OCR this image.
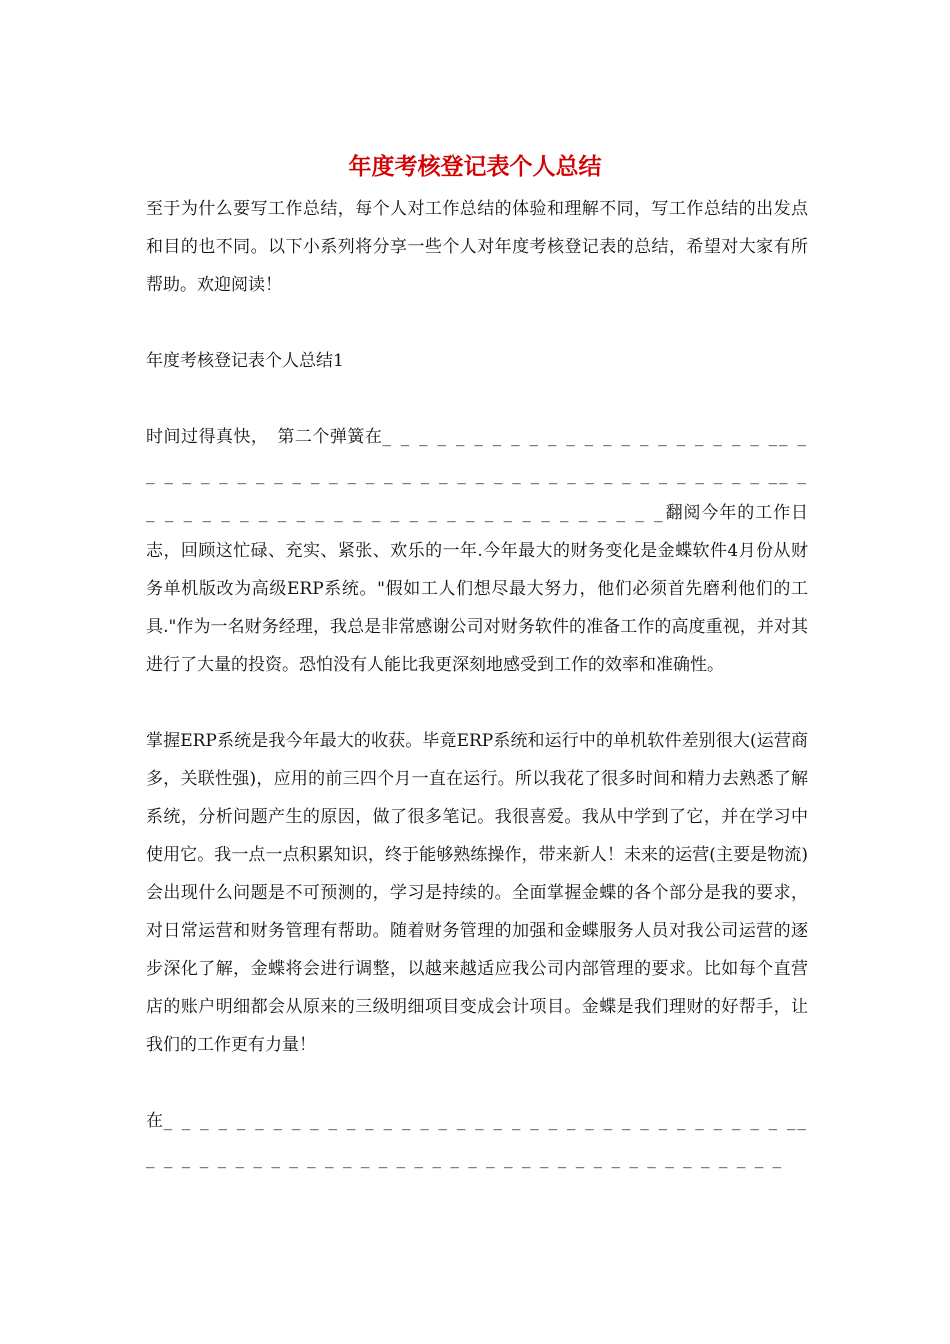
年度考核登记表个人总结

至于为什么要写工作总结，每个人对工作总结的体验和理解不同，写工作总结的出发点和目的也不同。以下小系列将分享一些个人对年度考核登记表的总结，希望对大家有所帮助。欢迎阅读！

年度考核登记表个人总结1

时间过得真快，　第二个弹簧在_ _ _ _ _ _ _ _ _ _ _ _ _ _ _ _ _ _ _ _ _ __ _ _ _ _ _ _ _ _ _ _ _ _ _ _ _ _ _ _ _ _ _ _ _ _ _ _ _ _ _ _ _ _ _ _ _ __ _ _ _ _ _ _ _ _ _ _ _ _ _ _ _ _ _ _ _ _ _ _ _ _ _ _ _ _ _翻阅今年的工作日志，回顾这忙碌、充实、紧张、欢乐的一年.今年最大的财务变化是金蝶软件4月份从财务单机版改为高级ERP系统。"假如工人们想尽最大努力，他们必须首先磨利他们的工具."作为一名财务经理，我总是非常感谢公司对财务软件的准备工作的高度重视，并对其进行了大量的投资。恐怕没有人能比我更深刻地感受到工作的效率和准确性。

掌握ERP系统是我今年最大的收获。毕竟ERP系统和运行中的单机软件差别很大(运营商多，关联性强)，应用的前三四个月一直在运行。所以我花了很多时间和精力去熟悉了解系统，分析问题产生的原因，做了很多笔记。我很喜爱。我从中学到了它，并在学习中使用它。我一点一点积累知识，终于能够熟练操作，带来新人！未来的运营(主要是物流)会出现什么问题是不可预测的，学习是持续的。全面掌握金蝶的各个部分是我的要求，对日常运营和财务管理有帮助。随着财务管理的加强和金蝶服务人员对我公司运营的逐步深化了解，金蝶将会进行调整，以越来越适应我公司内部管理的要求。比如每个直营店的账户明细都会从原来的三级明细项目变成会计项目。金蝶是我们理财的好帮手，让我们的工作更有力量！

在_ _ _ _ _ _ _ _ _ _ _ _ _ _ _ _ _ _ _ _ _ _ _ _ _ _ _ _ _ _ _ _ _ _ __ _ _ _ _ _ _ _ _ _ _ _ _ _ _ _ _ _ _ _ _ _ _ _ _ _ _ _ _ _ _ _ _ _ _ _ _
